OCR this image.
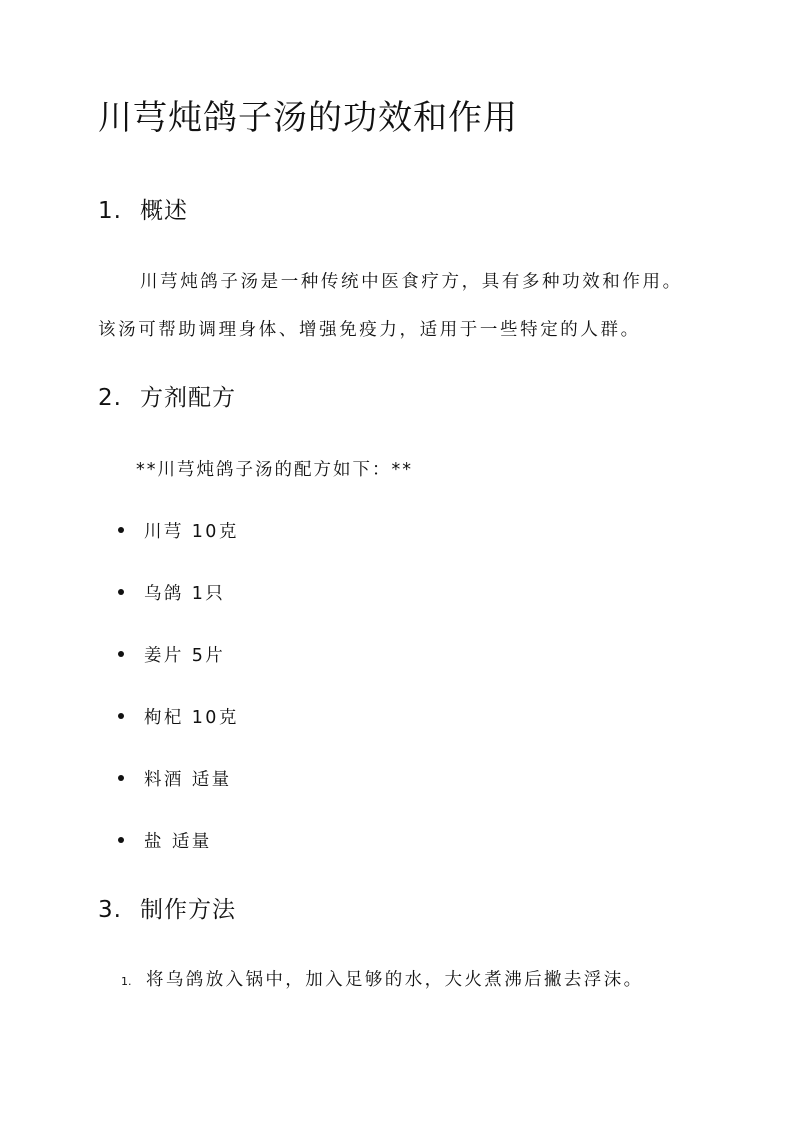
川芎炖鸽子汤的功效和作用
1. 概述

川芎炖鸽子汤是一种传统中医食疗方，具有多种功效和作用。

该汤可帮助调理身体、增强免疫力，适用于一些特定的人群。

2. 方剂配方

**川芎炖鸽子汤的配方如下：**

川芎 10克
乌鸽 1只
姜片 5片
枸杞 10克
料酒 适量
盐 适量
3. 制作方法
1. 将乌鸽放入锅中，加入足够的水，大火煮沸后撇去浮沫。
